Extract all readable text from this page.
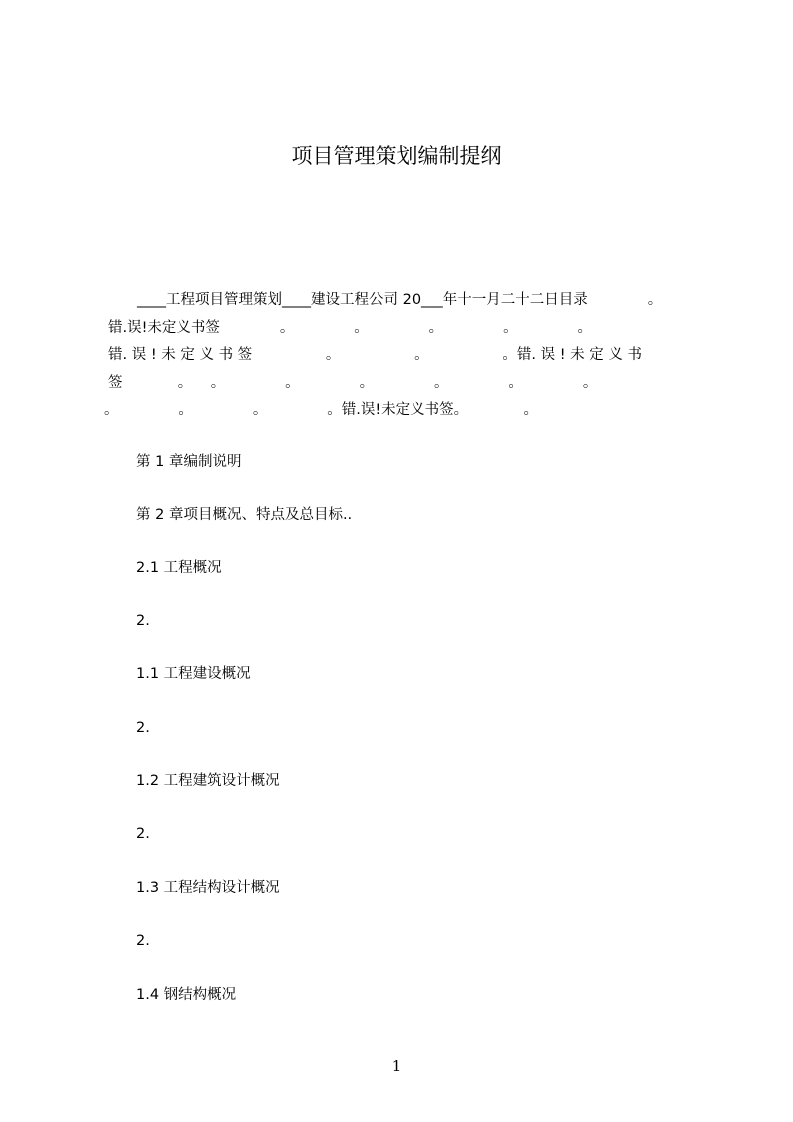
项目管理策划编制提纲
____工程项目管理策划____建设工程公司 20___年十一月二十二日目录             。
错.误!未定义书签             。             。             。             。             。
错. 误 ! 未 定 义 书 签                。                。                。错. 误 ! 未 定 义 书
签            。    。             。             。             。             。             。
。             。             。             。错.误!未定义书签。            。
第 1 章编制说明
第 2 章项目概况、特点及总目标..
2.1 工程概况
2.
1.1 工程建设概况
2.
1.2 工程建筑设计概况
2.
1.3 工程结构设计概况
2.
1.4 钢结构概况
1
